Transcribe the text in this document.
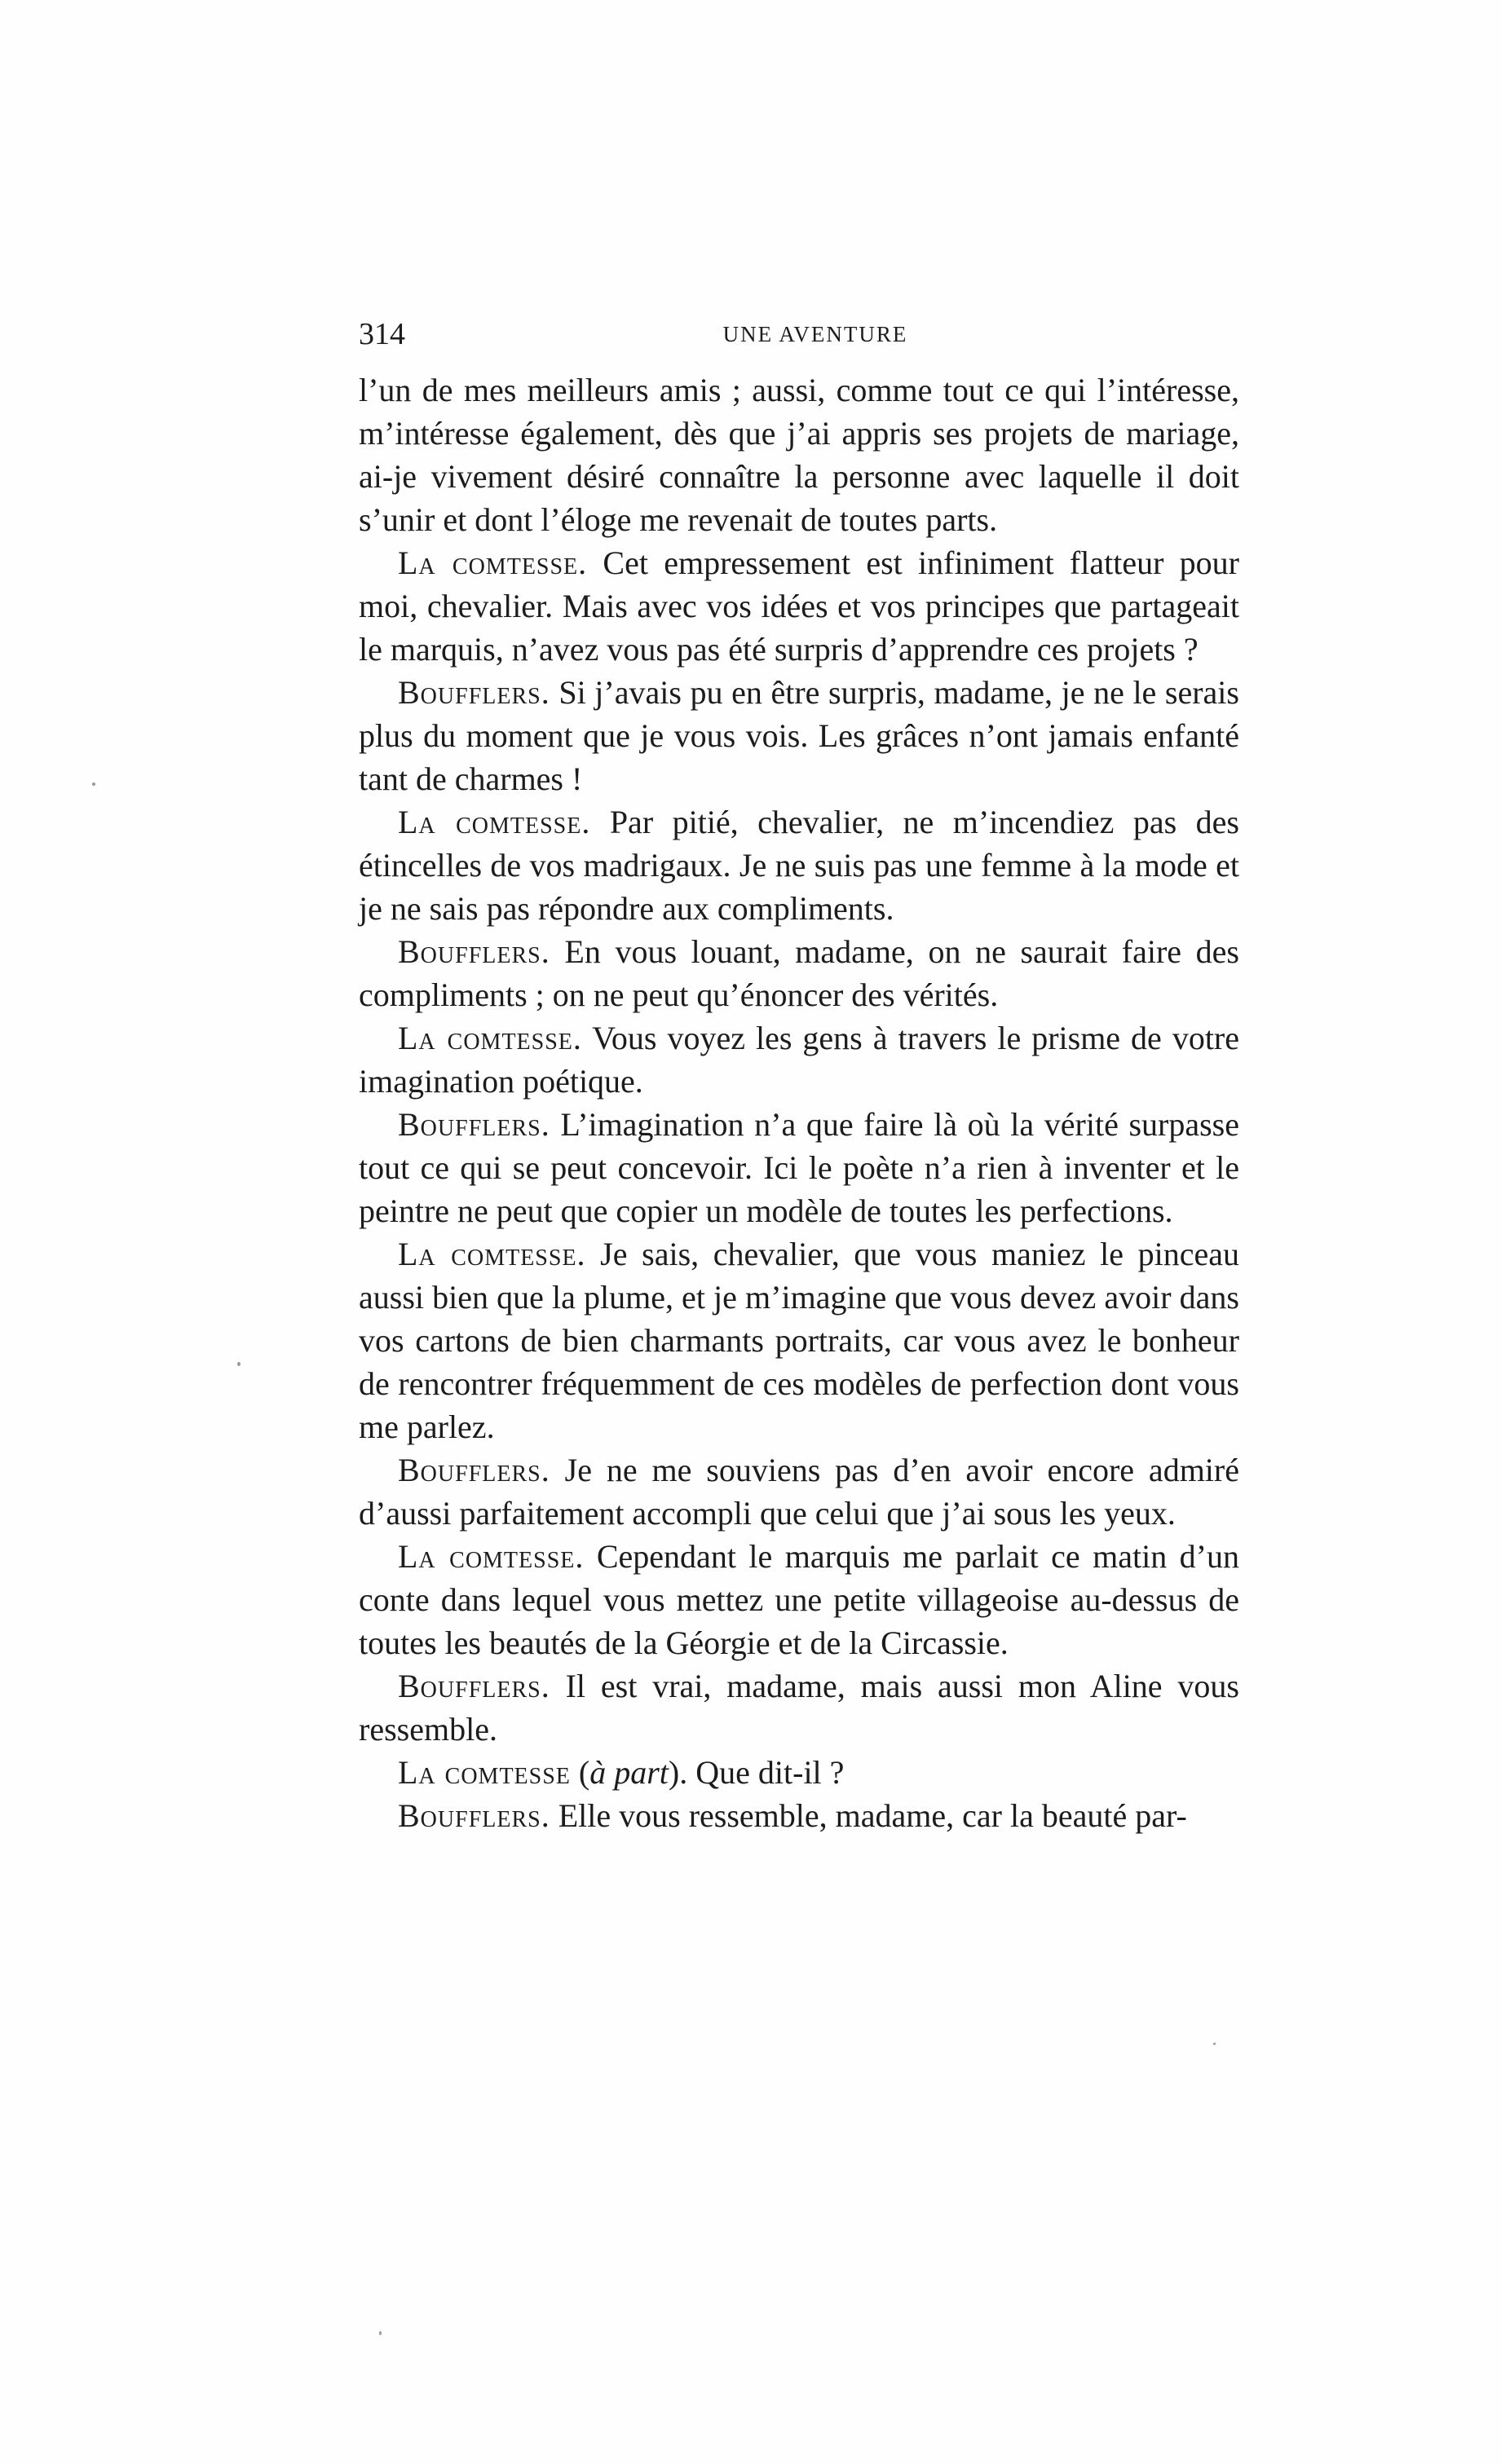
314	UNE AVENTURE

l’un de mes meilleurs amis ; aussi, comme tout ce qui l’intéresse, m’intéresse également, dès que j’ai appris ses projets de mariage, ai-je vivement désiré connaître la personne avec laquelle il doit s’unir et dont l’éloge me revenait de toutes parts.

La comtesse. Cet empressement est infiniment flatteur pour moi, chevalier. Mais avec vos idées et vos principes que partageait le marquis, n’avez vous pas été surpris d’apprendre ces projets ?

Boufflers. Si j’avais pu en être surpris, madame, je ne le serais plus du moment que je vous vois. Les grâces n’ont jamais enfanté tant de charmes !

La comtesse. Par pitié, chevalier, ne m’incendiez pas des étincelles de vos madrigaux. Je ne suis pas une femme à la mode et je ne sais pas répondre aux compliments.

Boufflers. En vous louant, madame, on ne saurait faire des compliments ; on ne peut qu’énoncer des vérités.

La comtesse. Vous voyez les gens à travers le prisme de votre imagination poétique.

Boufflers. L’imagination n’a que faire là où la vérité surpasse tout ce qui se peut concevoir. Ici le poète n’a rien à inventer et le peintre ne peut que copier un modèle de toutes les perfections.

La comtesse. Je sais, chevalier, que vous maniez le pinceau aussi bien que la plume, et je m’imagine que vous devez avoir dans vos cartons de bien charmants portraits, car vous avez le bonheur de rencontrer fréquemment de ces modèles de perfection dont vous me parlez.

Boufflers. Je ne me souviens pas d’en avoir encore admiré d’aussi parfaitement accompli que celui que j’ai sous les yeux.

La comtesse. Cependant le marquis me parlait ce matin d’un conte dans lequel vous mettez une petite villageoise au-dessus de toutes les beautés de la Géorgie et de la Circassie.

Boufflers. Il est vrai, madame, mais aussi mon Aline vous ressemble.

La comtesse (à part). Que dit-il ?

Boufflers. Elle vous ressemble, madame, car la beauté par-
